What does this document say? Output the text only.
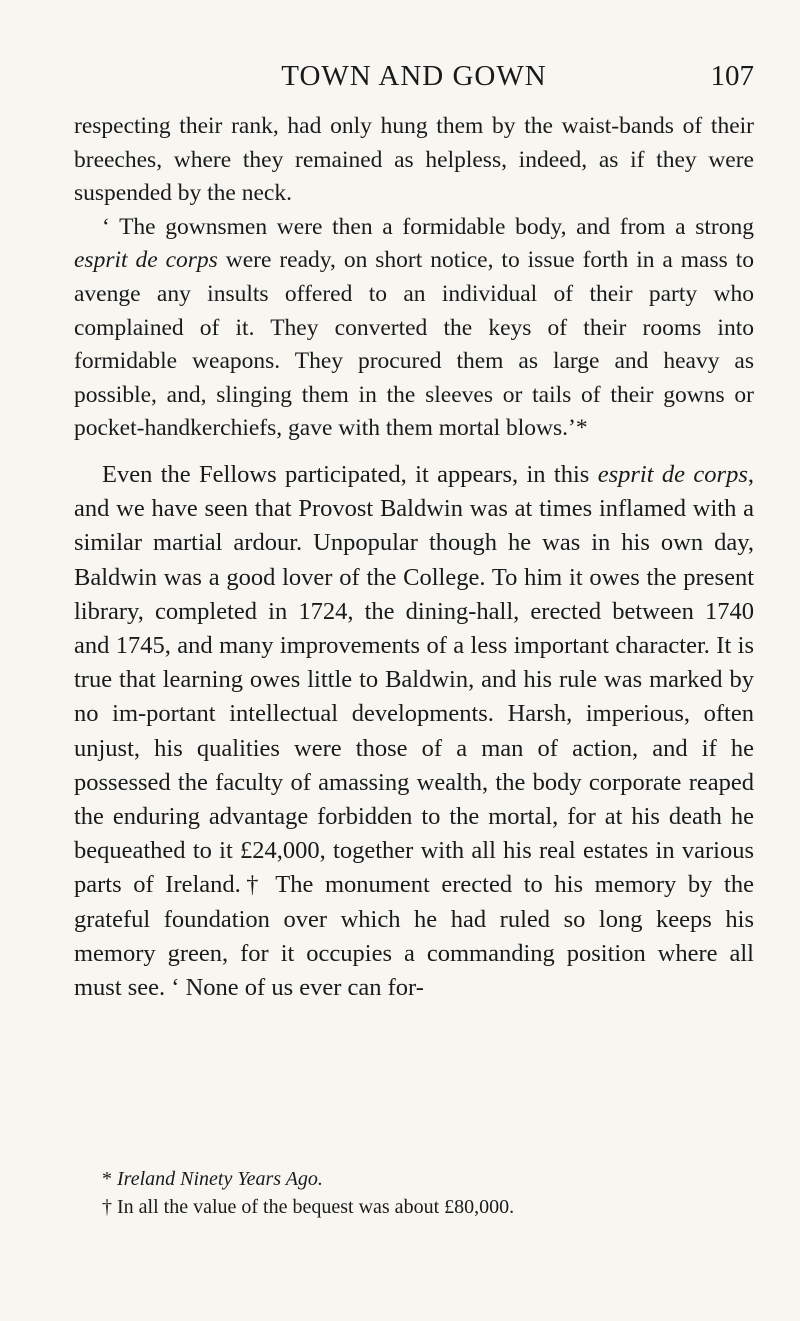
TOWN AND GOWN	107

respecting their rank, had only hung them by the waist-bands of their breeches, where they remained as helpless, indeed, as if they were suspended by the neck.

‘ The gownsmen were then a formidable body, and from a strong esprit de corps were ready, on short notice, to issue forth in a mass to avenge any insults offered to an individual of their party who complained of it. They converted the keys of their rooms into formidable weapons. They procured them as large and heavy as possible, and, slinging them in the sleeves or tails of their gowns or pocket-handkerchiefs, gave with them mortal blows.’*

Even the Fellows participated, it appears, in this esprit de corps, and we have seen that Provost Baldwin was at times inflamed with a similar martial ardour. Unpopular though he was in his own day, Baldwin was a good lover of the College. To him it owes the present library, completed in 1724, the dining-hall, erected between 1740 and 1745, and many improvements of a less important character. It is true that learning owes little to Baldwin, and his rule was marked by no im-portant intellectual developments. Harsh, imperious, often unjust, his qualities were those of a man of action, and if he possessed the faculty of amassing wealth, the body corporate reaped the enduring advantage forbidden to the mortal, for at his death he bequeathed to it £24,000, together with all his real estates in various parts of Ireland.† The monument erected to his memory by the grateful foundation over which he had ruled so long keeps his memory green, for it occupies a commanding position where all must see. ‘ None of us ever can for-

* Ireland Ninety Years Ago.

† In all the value of the bequest was about £80,000.
